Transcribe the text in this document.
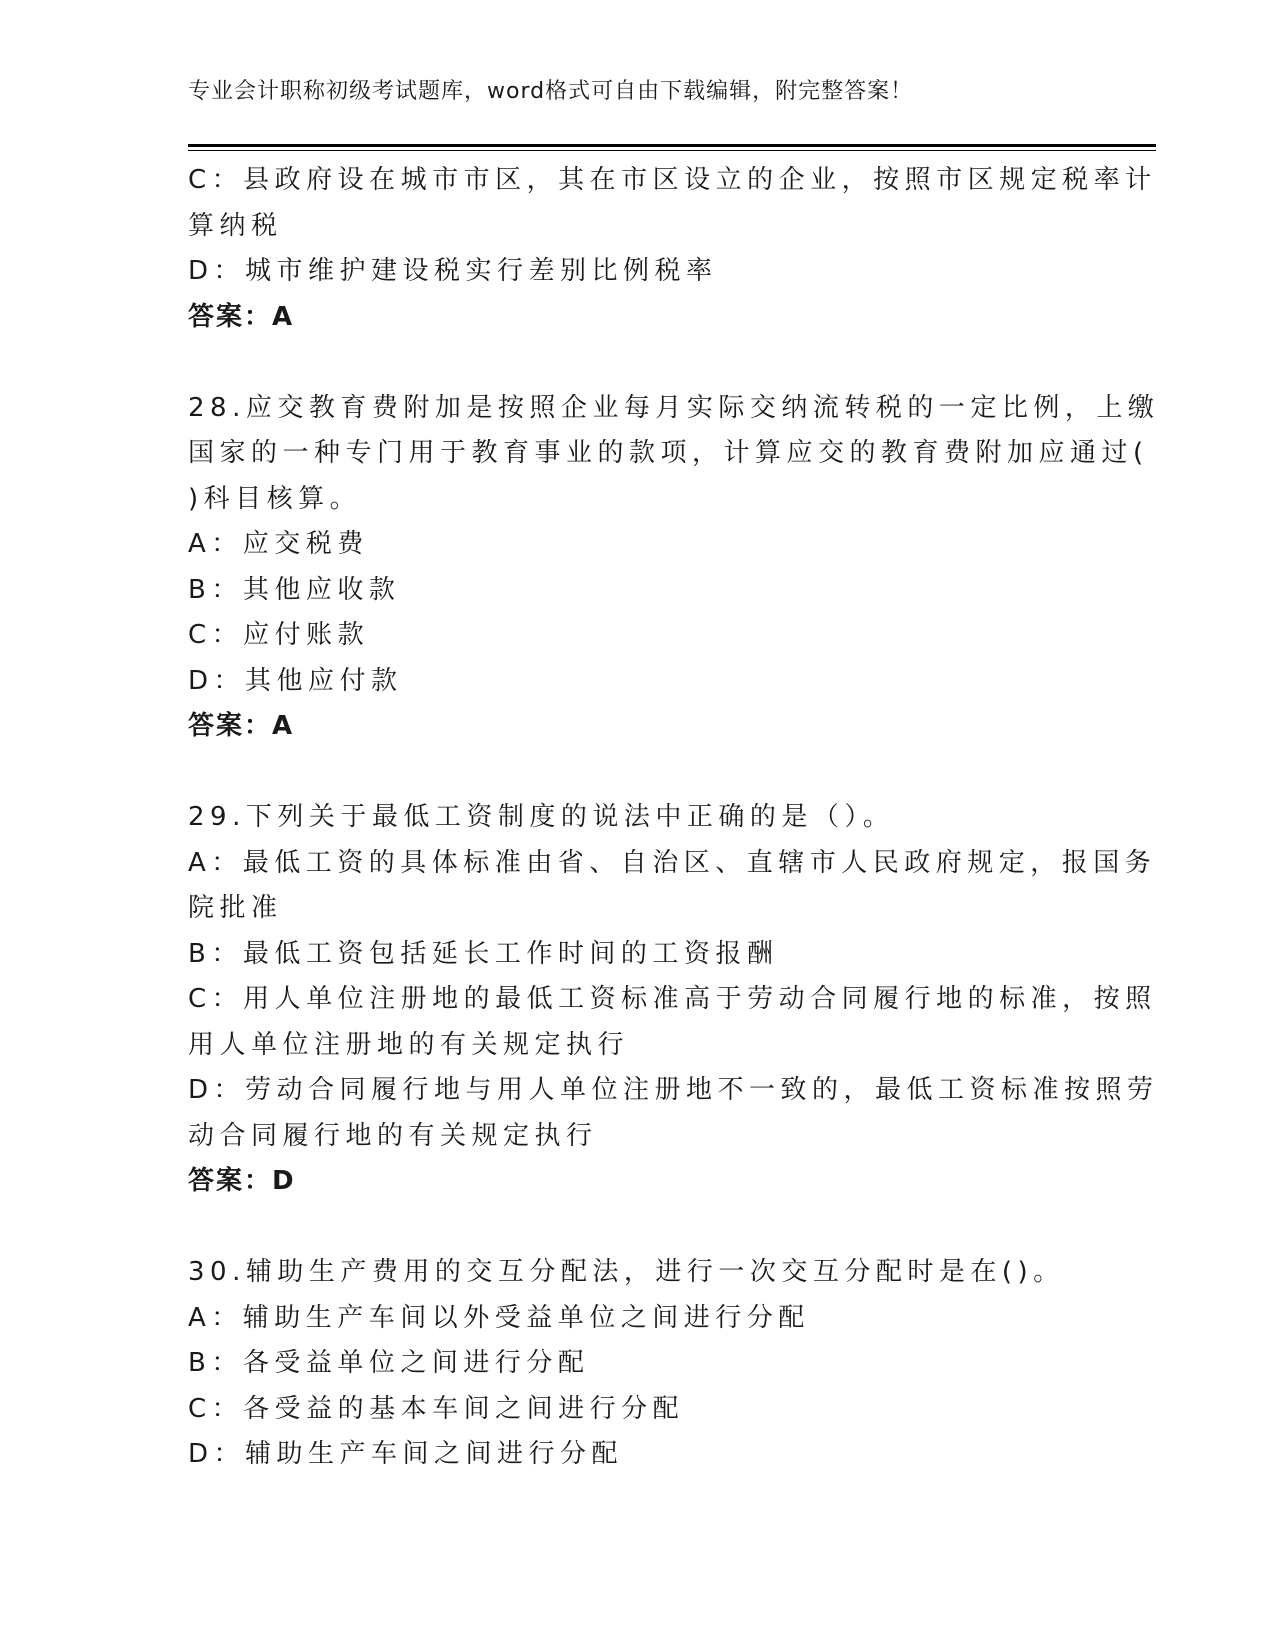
专业会计职称初级考试题库，word格式可自由下载编辑，附完整答案！
C：县政府设在城市市区，其在市区设立的企业，按照市区规定税率计
算纳税
D：城市维护建设税实行差别比例税率
答案：A
28.应交教育费附加是按照企业每月实际交纳流转税的一定比例，上缴
国家的一种专门用于教育事业的款项，计算应交的教育费附加应通过(
)科目核算。
A：应交税费
B：其他应收款
C：应付账款
D：其他应付款
答案：A
29.下列关于最低工资制度的说法中正确的是（）。
A：最低工资的具体标准由省、自治区、直辖市人民政府规定，报国务
院批准
B：最低工资包括延长工作时间的工资报酬
C：用人单位注册地的最低工资标准高于劳动合同履行地的标准，按照
用人单位注册地的有关规定执行
D：劳动合同履行地与用人单位注册地不一致的，最低工资标准按照劳
动合同履行地的有关规定执行
答案：D
30.辅助生产费用的交互分配法，进行一次交互分配时是在()。
A：辅助生产车间以外受益单位之间进行分配
B：各受益单位之间进行分配
C：各受益的基本车间之间进行分配
D：辅助生产车间之间进行分配
